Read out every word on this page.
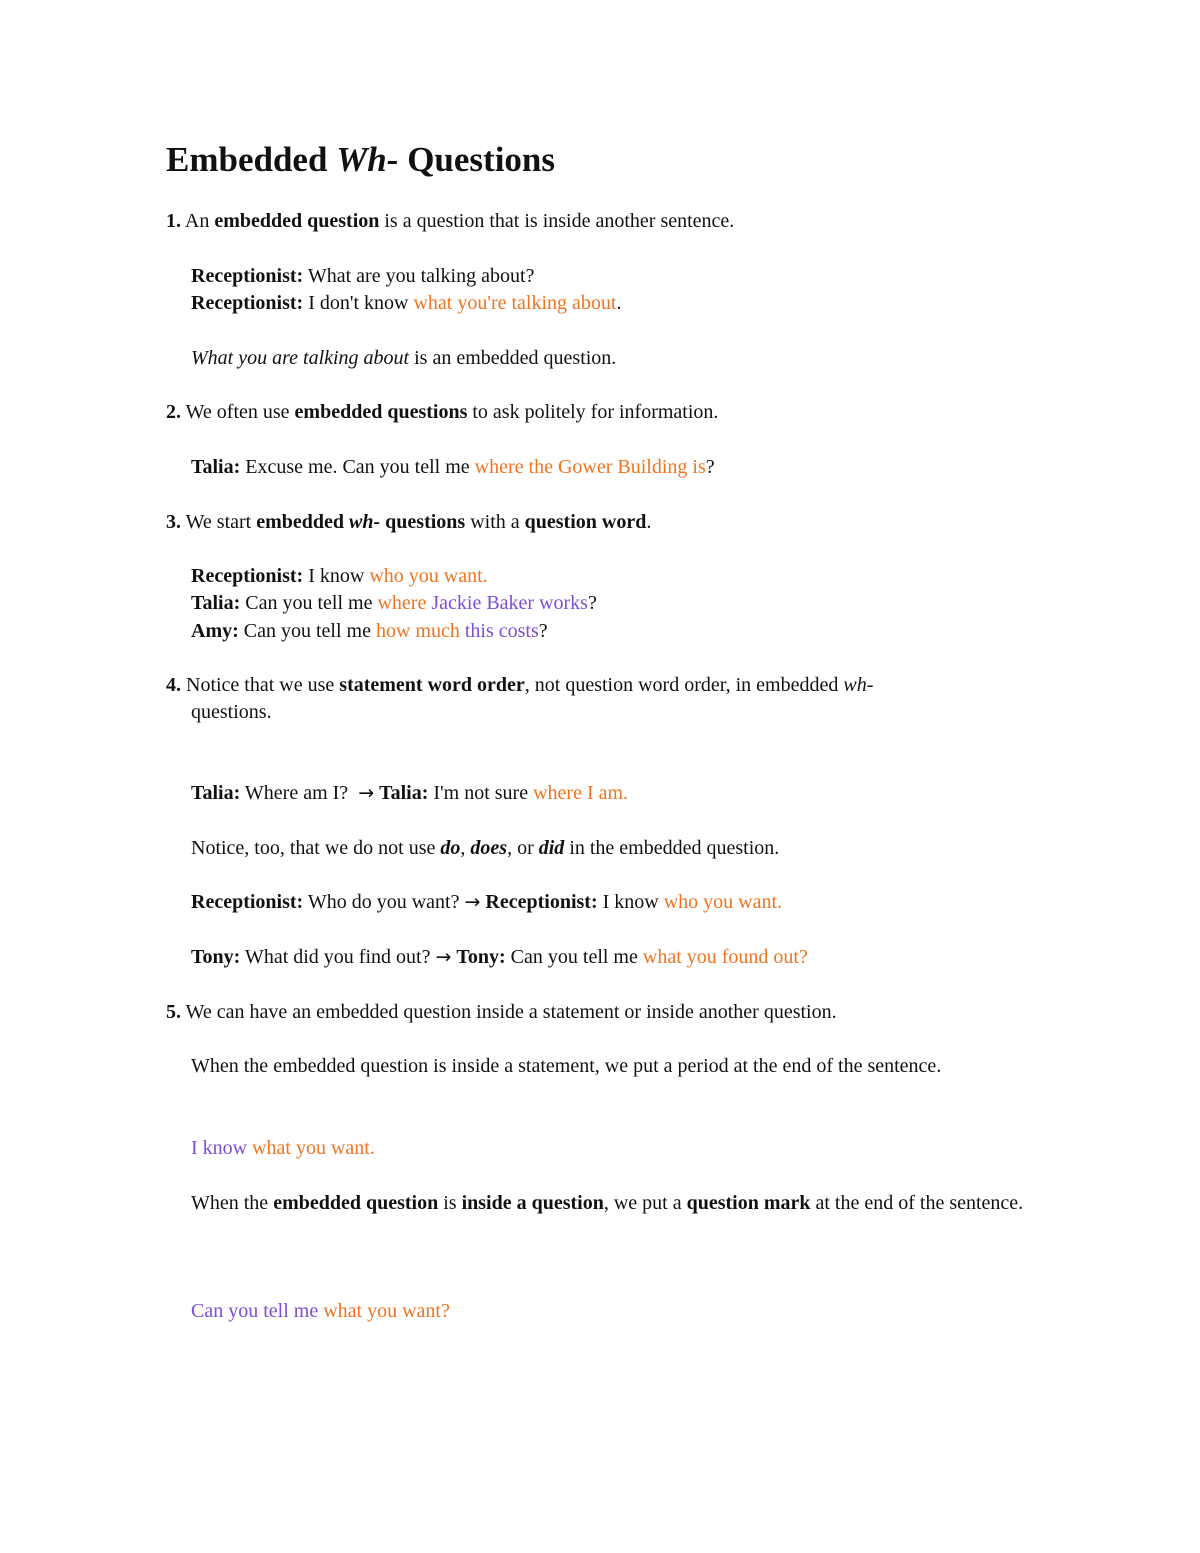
Embedded Wh- Questions

1. An embedded question is a question that is inside another sentence.

Receptionist: What are you talking about?

Receptionist: I don't know what you're talking about.

What you are talking about is an embedded question.

2. We often use embedded questions to ask politely for information.

Talia: Excuse me. Can you tell me where the Gower Building is?

3. We start embedded wh- questions with a question word.

Receptionist: I know who you want.

Talia: Can you tell me where Jackie Baker works?

Amy: Can you tell me how much this costs?

4. Notice that we use statement word order, not question word order, in embedded wh-

questions.

Talia: Where am I? → Talia: I'm not sure where I am.

Notice, too, that we do not use do, does, or did in the embedded question.

Receptionist: Who do you want? → Receptionist: I know who you want.

Tony: What did you find out? → Tony: Can you tell me what you found out?

5. We can have an embedded question inside a statement or inside another question.

When the embedded question is inside a statement, we put a period at the end of the sentence.

I know what you want.

When the embedded question is inside a question, we put a question mark at the end of the sentence.

Can you tell me what you want?
